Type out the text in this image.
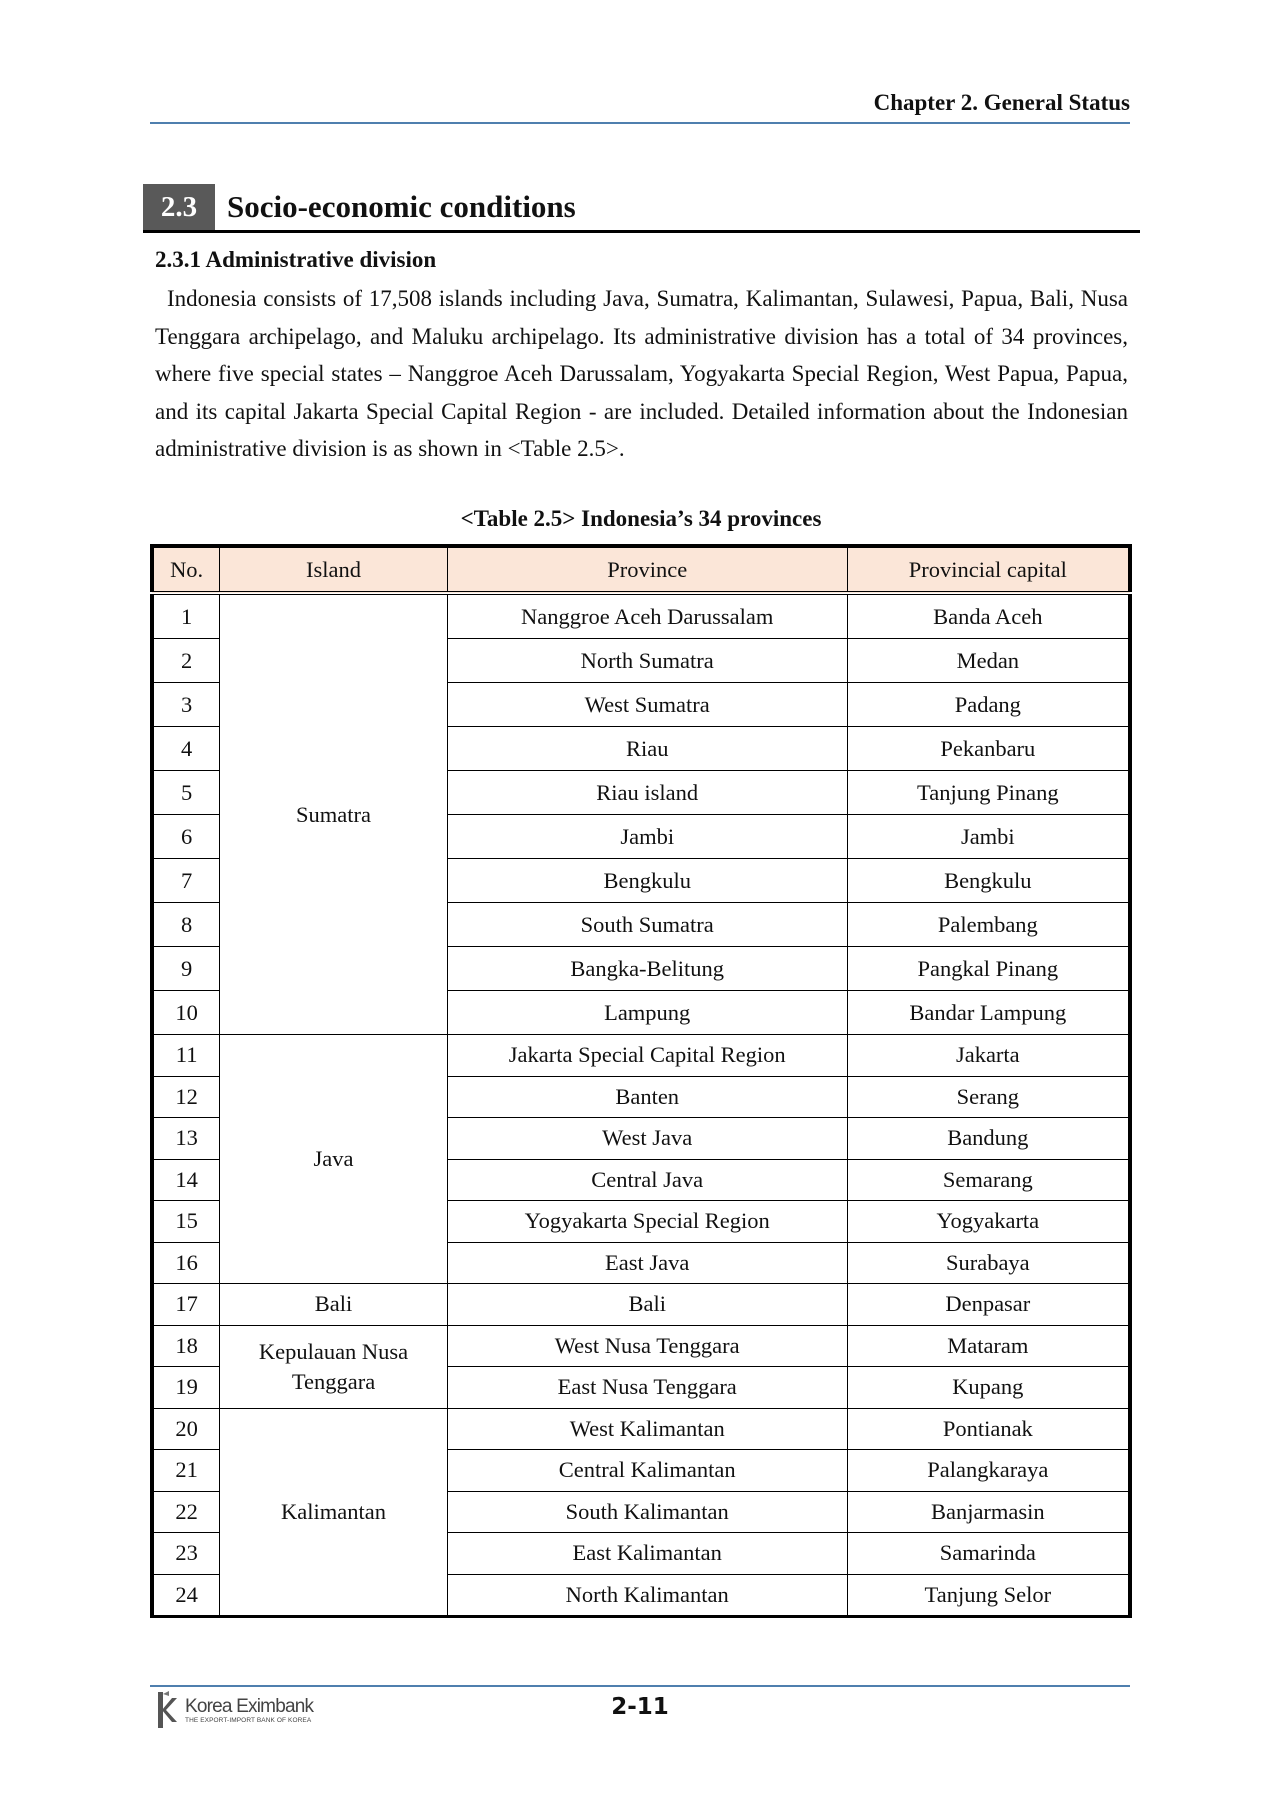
Chapter 2. General Status
2.3 Socio-economic conditions
2.3.1 Administrative division
Indonesia consists of 17,508 islands including Java, Sumatra, Kalimantan, Sulawesi, Papua, Bali, Nusa Tenggara archipelago, and Maluku archipelago. Its administrative division has a total of 34 provinces, where five special states – Nanggroe Aceh Darussalam, Yogyakarta Special Region, West Papua, Papua, and its capital Jakarta Special Capital Region - are included. Detailed information about the Indonesian administrative division is as shown in <Table 2.5>.
<Table 2.5> Indonesia’s 34 provinces
No.	Island	Province	Provincial capital
1	Sumatra	Nanggroe Aceh Darussalam	Banda Aceh
2		North Sumatra	Medan
3		West Sumatra	Padang
4		Riau	Pekanbaru
5		Riau island	Tanjung Pinang
6		Jambi	Jambi
7		Bengkulu	Bengkulu
8		South Sumatra	Palembang
9		Bangka-Belitung	Pangkal Pinang
10		Lampung	Bandar Lampung
11	Java	Jakarta Special Capital Region	Jakarta
12		Banten	Serang
13		West Java	Bandung
14		Central Java	Semarang
15		Yogyakarta Special Region	Yogyakarta
16		East Java	Surabaya
17	Bali	Bali	Denpasar
18	Kepulauan Nusa Tenggara	West Nusa Tenggara	Mataram
19		East Nusa Tenggara	Kupang
20	Kalimantan	West Kalimantan	Pontianak
21		Central Kalimantan	Palangkaraya
22		South Kalimantan	Banjarmasin
23		East Kalimantan	Samarinda
24		North Kalimantan	Tanjung Selor
Korea Eximbank
THE EXPORT-IMPORT BANK OF KOREA	2-11
